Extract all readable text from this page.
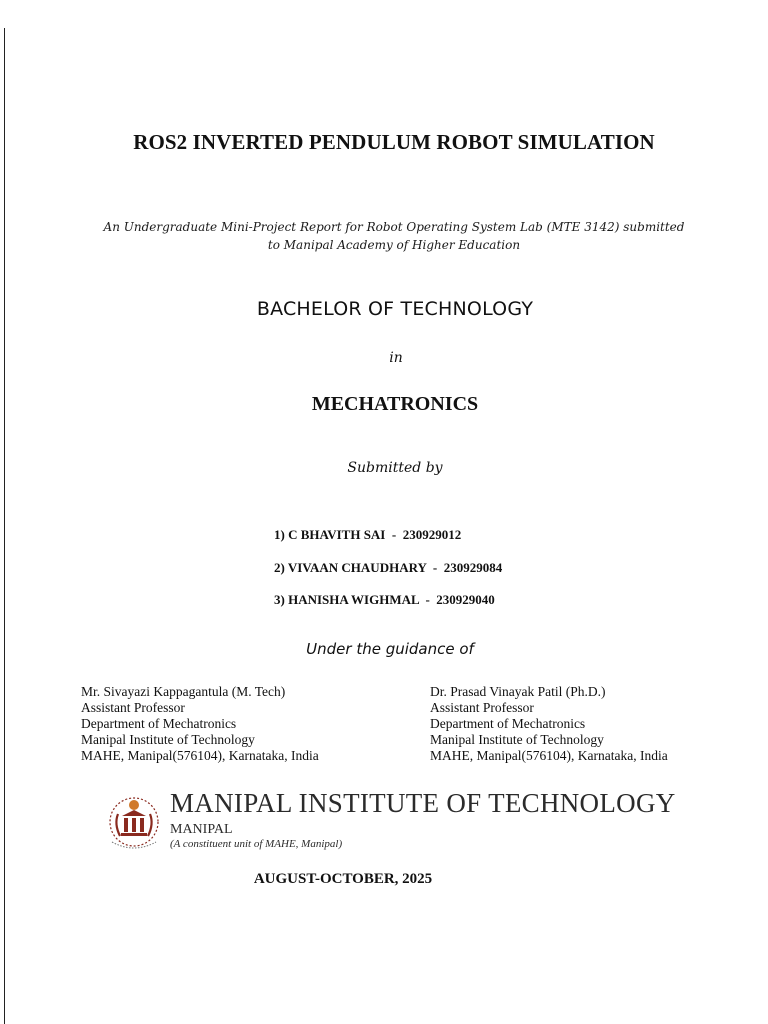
ROS2 INVERTED PENDULUM ROBOT SIMULATION
An Undergraduate Mini-Project Report for Robot Operating System Lab (MTE 3142) submitted
to Manipal Academy of Higher Education
BACHELOR OF TECHNOLOGY
in
MECHATRONICS
Submitted by
1) C BHAVITH SAI  -  230929012
2) VIVAAN CHAUDHARY  -  230929084
3) HANISHA WIGHMAL  -  230929040
Under the guidance of
Mr. Sivayazi Kappagantula (M. Tech)
Assistant Professor
Department of Mechatronics
Manipal Institute of Technology
MAHE, Manipal(576104), Karnataka, India
Dr. Prasad Vinayak Patil (Ph.D.)
Assistant Professor
Department of Mechatronics
Manipal Institute of Technology
MAHE, Manipal(576104), Karnataka, India
MANIPAL INSTITUTE OF TECHNOLOGY
MANIPAL
(A constituent unit of MAHE, Manipal)
AUGUST-OCTOBER, 2025
